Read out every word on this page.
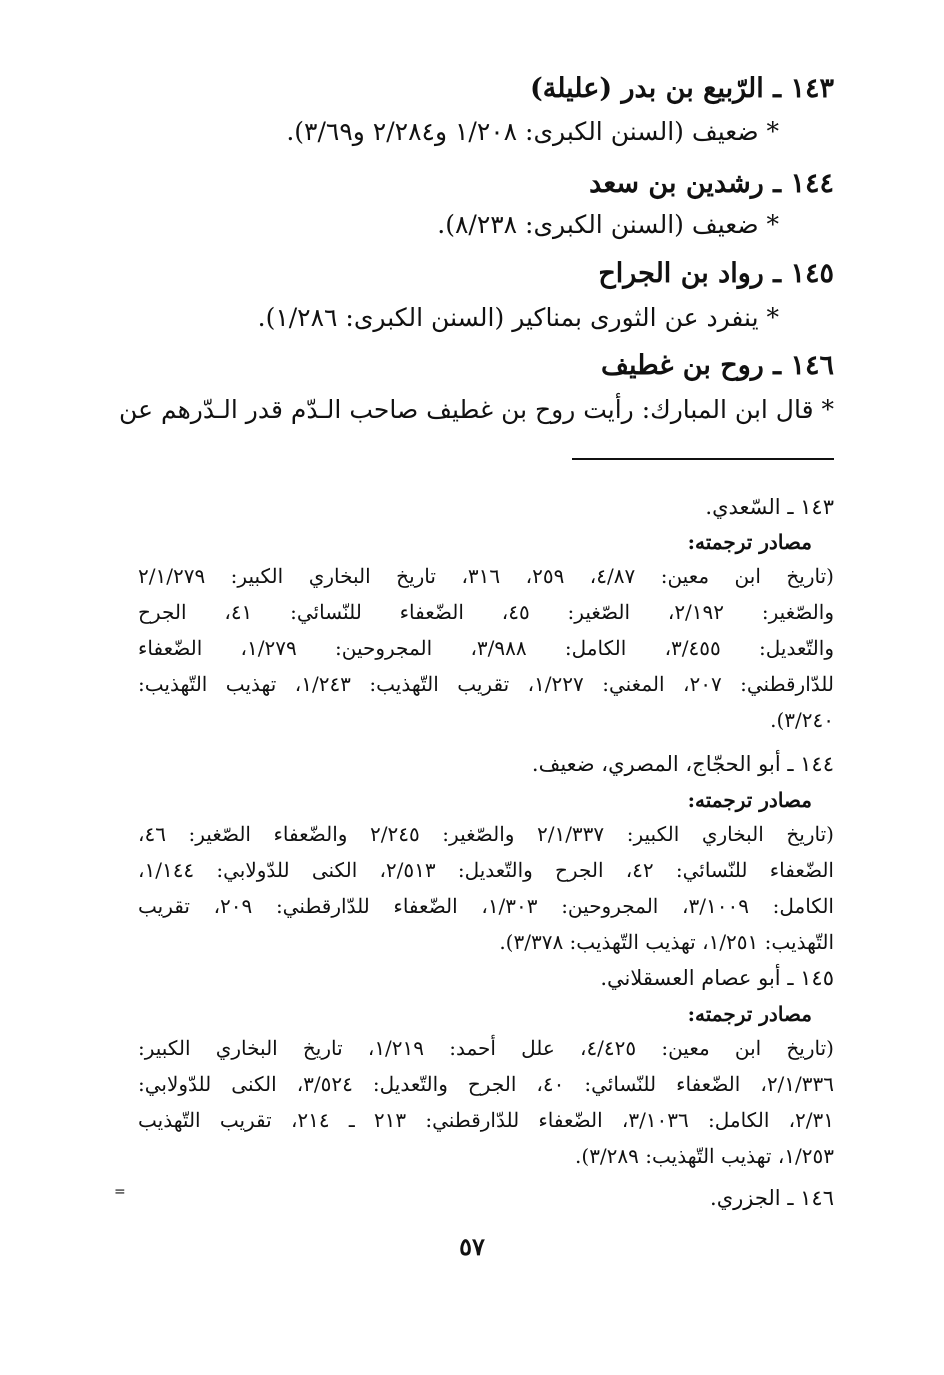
١٤٣ ـ الرّبيع بن بدر (عليلة)
* ضعيف (السنن الكبرى: ١/٢٠٨ و٢/٢٨٤ و٣/٦٩).
١٤٤ ـ رشدين بن سعد
* ضعيف (السنن الكبرى: ٨/٢٣٨).
١٤٥ ـ رواد بن الجراح
* ينفرد عن الثورى بمناكير (السنن الكبرى: ١/٢٨٦).
١٤٦ ـ روح بن غطيف
* قال ابن المبارك: رأيت روح بن غطيف صاحب الـدّم قدر الـدّرهم عن
١٤٣ ـ السّعدي.
مصادر ترجمته:
(تاريخ ابن معين: ٤/٨٧، ٢٥٩، ٣١٦، تاريخ البخاري الكبير: ٢/١/٢٧٩
والصّغير: ٢/١٩٢، الصّغير: ٤٥، الضّعفاء للنّسائي: ٤١، الجرح
والتّعديل: ٣/٤٥٥، الكامل: ٣/٩٨٨، المجروحين: ١/٢٧٩، الضّعفاء
للدّارقطني: ٢٠٧، المغني: ١/٢٢٧، تقريب التّهذيب: ١/٢٤٣، تهذيب التّهذيب:
٣/٢٤٠).
١٤٤ ـ أبو الحجّاج، المصري، ضعيف.
مصادر ترجمته:
(تاريخ البخاري الكبير: ٢/١/٣٣٧ والصّغير: ٢/٢٤٥ والضّعفاء الصّغير: ٤٦،
الضّعفاء للنّسائي: ٤٢، الجرح والتّعديل: ٢/٥١٣، الكنى للدّولابي: ١/١٤٤،
الكامل: ٣/١٠٠٩، المجروحين: ١/٣٠٣، الضّعفاء للدّارقطني: ٢٠٩، تقريب
التّهذيب: ١/٢٥١، تهذيب التّهذيب: ٣/٣٧٨).
١٤٥ ـ أبو عصام العسقلاني.
مصادر ترجمته:
(تاريخ ابن معين: ٤/٤٢٥، علل أحمد: ١/٢١٩، تاريخ البخاري الكبير:
٢/١/٣٣٦، الضّعفاء للنّسائي: ٤٠، الجرح والتّعديل: ٣/٥٢٤، الكنى للدّولابي:
٢/٣١، الكامل: ٣/١٠٣٦، الضّعفاء للدّارقطني: ٢١٣ ـ ٢١٤، تقريب التّهذيب
١/٢٥٣، تهذيب التّهذيب: ٣/٢٨٩).
١٤٦ ـ الجزري.
=
٥٧
